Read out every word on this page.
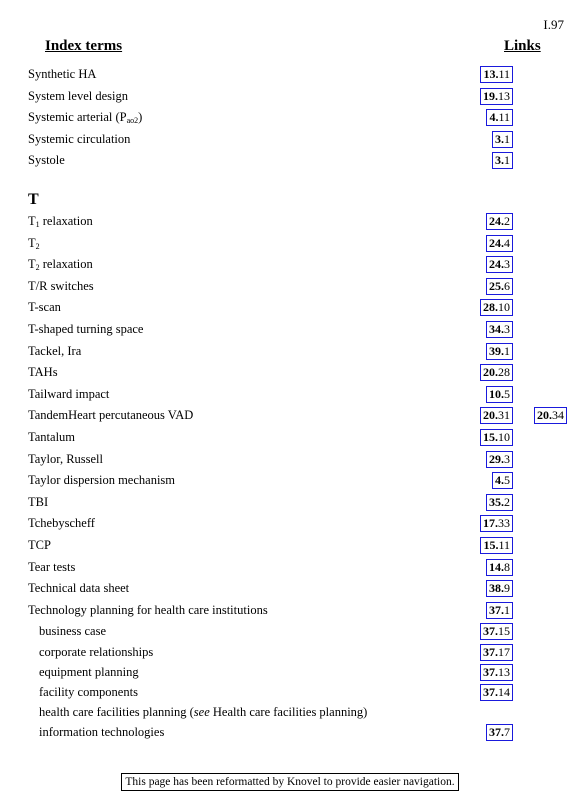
I.97
Index terms	Links
Synthetic HA	13.11
System level design	19.13
Systemic arterial $(P_{ao2})$	4.11
Systemic circulation	3.1
Systole	3.1
T
$T_1$ relaxation	24.2
$T_2$	24.4
$T_2$ relaxation	24.3
T/R switches	25.6
T-scan	28.10
T-shaped turning space	34.3
Tackel, Ira	39.1
TAHs	20.28
Tailward impact	10.5
TandemHeart percutaneous VAD	20.31 20.34
Tantalum	15.10
Taylor, Russell	29.3
Taylor dispersion mechanism	4.5
TBI	35.2
Tchebyscheff	17.33
TCP	15.11
Tear tests	14.8
Technical data sheet	38.9
Technology planning for health care institutions	37.1
business case	37.15
corporate relationships	37.17
equipment planning	37.13
facility components	37.14
health care facilities planning (see Health care facilities planning)
information technologies	37.7
This page has been reformatted by Knovel to provide easier navigation.
